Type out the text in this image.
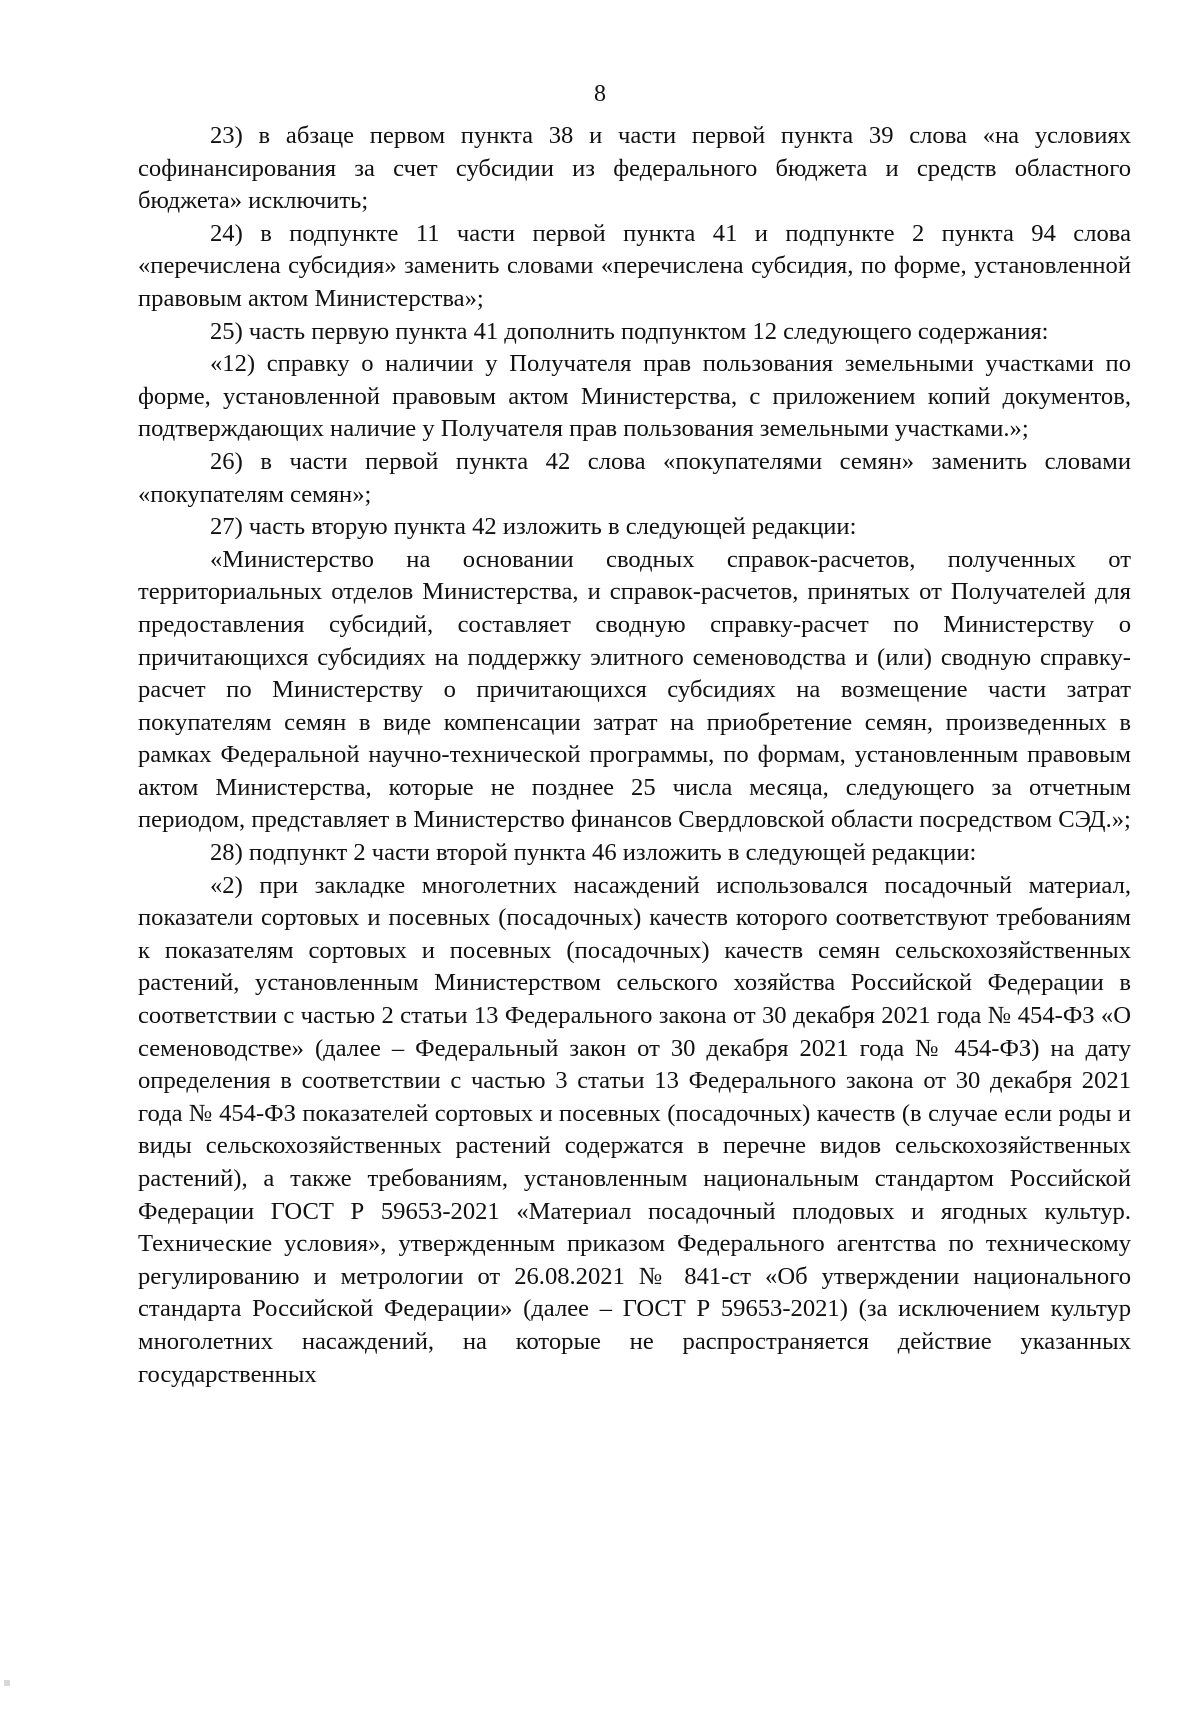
8

23) в абзаце первом пункта 38 и части первой пункта 39 слова «на условиях софинансирования за счет субсидии из федерального бюджета и средств областного бюджета» исключить;

24) в подпункте 11 части первой пункта 41 и подпункте 2 пункта 94 слова «перечислена субсидия» заменить словами «перечислена субсидия, по форме, установленной правовым актом Министерства»;

25) часть первую пункта 41 дополнить подпунктом 12 следующего содержания:

«12) справку о наличии у Получателя прав пользования земельными участками по форме, установленной правовым актом Министерства, с приложением копий документов, подтверждающих наличие у Получателя прав пользования земельными участками.»;

26) в части первой пункта 42 слова «покупателями семян» заменить словами «покупателям семян»;

27) часть вторую пункта 42 изложить в следующей редакции:

«Министерство на основании сводных справок-расчетов, полученных от территориальных отделов Министерства, и справок-расчетов, принятых от Получателей для предоставления субсидий, составляет сводную справку-расчет по Министерству о причитающихся субсидиях на поддержку элитного семеноводства и (или) сводную справку-расчет по Министерству о причитающихся субсидиях на возмещение части затрат покупателям семян в виде компенсации затрат на приобретение семян, произведенных в рамках Федеральной научно-технической программы, по формам, установленным правовым актом Министерства, которые не позднее 25 числа месяца, следующего за отчетным периодом, представляет в Министерство финансов Свердловской области посредством СЭД.»;

28) подпункт 2 части второй пункта 46 изложить в следующей редакции:

«2) при закладке многолетних насаждений использовался посадочный материал, показатели сортовых и посевных (посадочных) качеств которого соответствуют требованиям к показателям сортовых и посевных (посадочных) качеств семян сельскохозяйственных растений, установленным Министерством сельского хозяйства Российской Федерации в соответствии с частью 2 статьи 13 Федерального закона от 30 декабря 2021 года № 454-ФЗ «О семеноводстве» (далее – Федеральный закон от 30 декабря 2021 года № 454-ФЗ) на дату определения в соответствии с частью 3 статьи 13 Федерального закона от 30 декабря 2021 года № 454-ФЗ показателей сортовых и посевных (посадочных) качеств (в случае если роды и виды сельскохозяйственных растений содержатся в перечне видов сельскохозяйственных растений), а также требованиям, установленным национальным стандартом Российской Федерации ГОСТ Р 59653-2021 «Материал посадочный плодовых и ягодных культур. Технические условия», утвержденным приказом Федерального агентства по техническому регулированию и метрологии от 26.08.2021 № 841-ст «Об утверждении национального стандарта Российской Федерации» (далее – ГОСТ Р 59653-2021) (за исключением культур многолетних насаждений, на которые не распространяется действие указанных государственных
